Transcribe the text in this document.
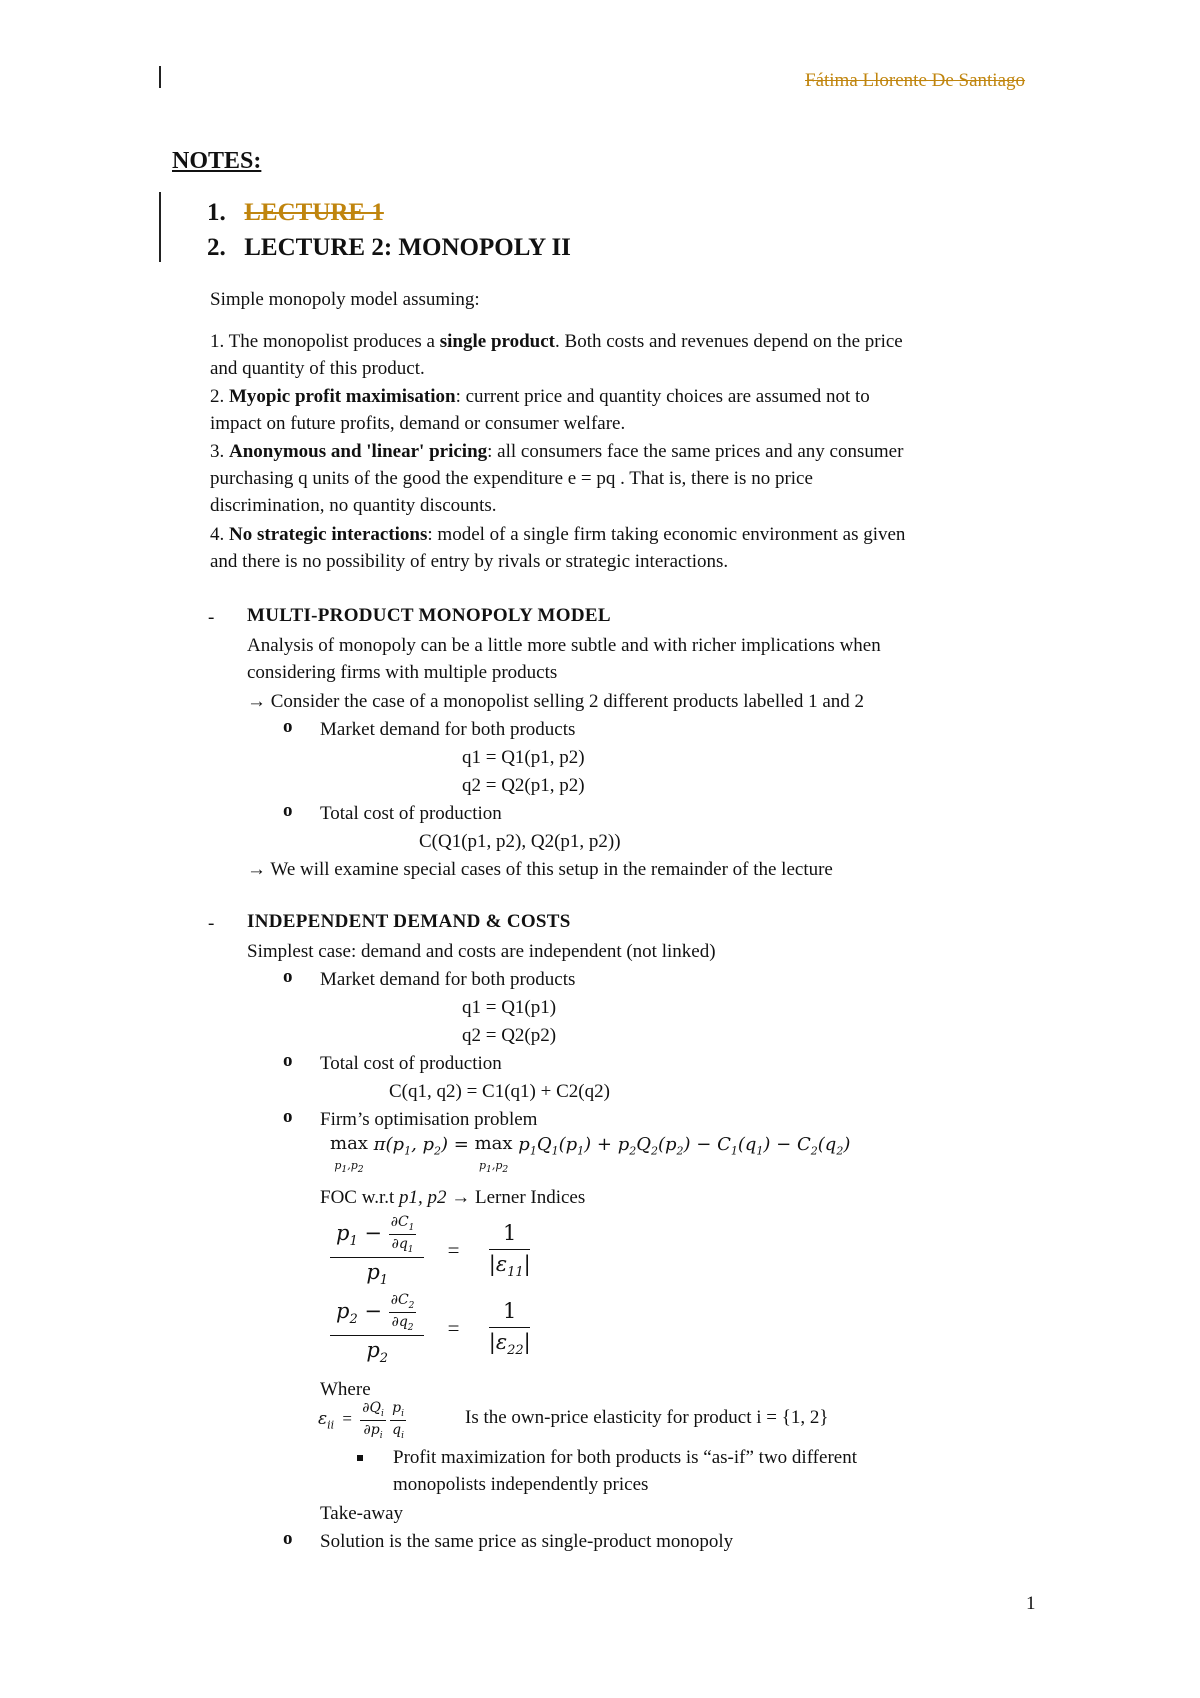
Fátima Llorente De Santiago
NOTES:
1. LECTURE 1
2. LECTURE 2: MONOPOLY II
Simple monopoly model assuming:
1. The monopolist produces a single product. Both costs and revenues depend on the price
and quantity of this product.
2. Myopic profit maximisation: current price and quantity choices are assumed not to
impact on future profits, demand or consumer welfare.
3. Anonymous and 'linear' pricing: all consumers face the same prices and any consumer
purchasing q units of the good the expenditure e = pq . That is, there is no price
discrimination, no quantity discounts.
4. No strategic interactions: model of a single firm taking economic environment as given
and there is no possibility of entry by rivals or strategic interactions.
- MULTI-PRODUCT MONOPOLY MODEL
Analysis of monopoly can be a little more subtle and with richer implications when
considering firms with multiple products
→ Consider the case of a monopolist selling 2 different products labelled 1 and 2
o Market demand for both products
q1 = Q1(p1, p2)
q2 = Q2(p1, p2)
o Total cost of production
C(Q1(p1, p2), Q2(p1, p2))
→ We will examine special cases of this setup in the remainder of the lecture
- INDEPENDENT DEMAND & COSTS
Simplest case: demand and costs are independent (not linked)
o Market demand for both products
q1 = Q1(p1)
q2 = Q2(p2)
o Total cost of production
C(q1, q2) = C1(q1) + C2(q2)
o Firm’s optimisation problem
max
$p_1,p_2$ $\pi(p_1$, $p_2) = \max$
$p_1,p_2$ $p_1Q_1(p_1) + p_2Q_2(p_2) - C_1(q_1) - C_2(q_2)$
FOC w.r.t p1, p2 → Lerner Indices
$\frac{p_1 - \frac{\partial C_1}{\partial q_1}}{p_1} = \frac{1}{|\varepsilon_{11}|}$
$\frac{p_2 - \frac{\partial C_2}{\partial q_2}}{p_2} = \frac{1}{|\varepsilon_{22}|}$
Where
$\varepsilon_{ii} = \frac{\partial Q_i}{\partial p_i}$
$\frac{p_i}{q_i}$	Is the own-price elasticity for product i = {1, 2}
Profit maximization for both products is “as-if” two different
monopolists independently prices
Take-away
o Solution is the same price as single-product monopoly
1
